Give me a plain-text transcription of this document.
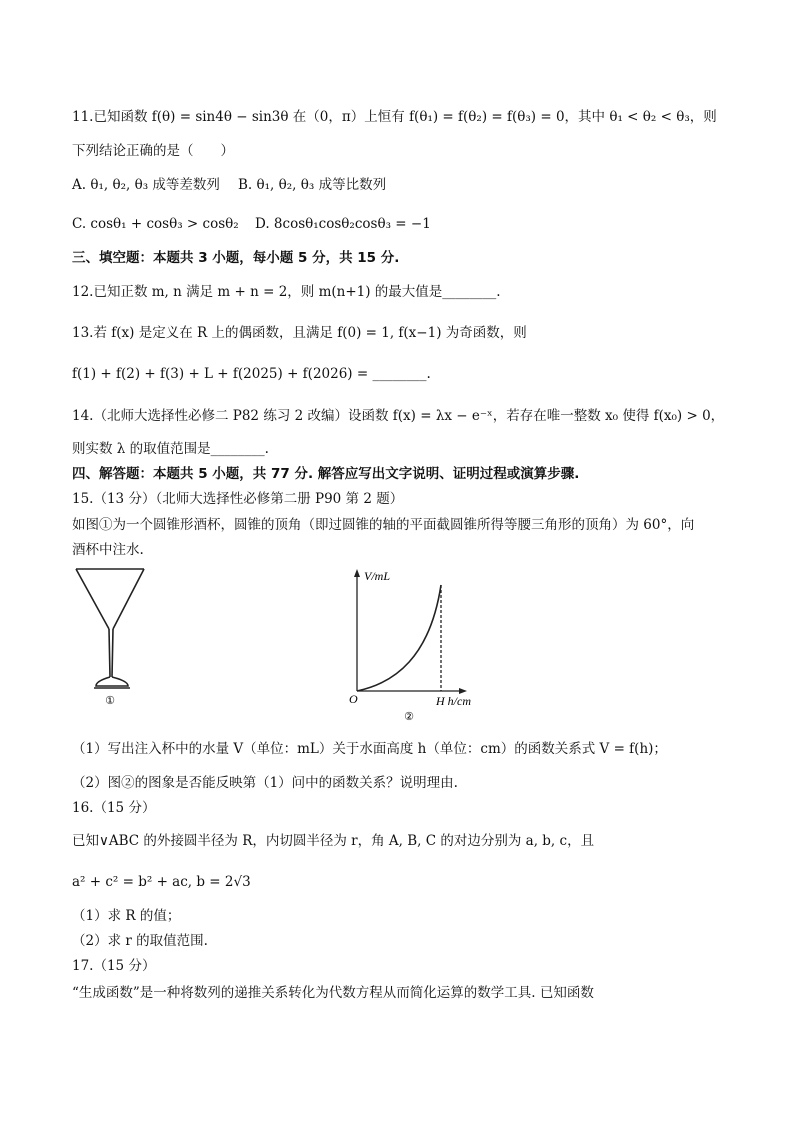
11.已知函数 f(θ) = sin4θ − sin3θ 在（0，π）上恒有 f(θ₁) = f(θ₂) = f(θ₃) = 0，其中 θ₁ < θ₂ < θ₃，则
下列结论正确的是（　　）
A. θ₁, θ₂, θ₃ 成等差数列 B. θ₁, θ₂, θ₃ 成等比数列
C. cosθ₁ + cosθ₃ > cosθ₂ D. 8cosθ₁cosθ₂cosθ₃ = −1
三、填空题：本题共 3 小题，每小题 5 分，共 15 分.
12.已知正数 m, n 满足 m + n = 2，则 m(n+1) 的最大值是________.
13.若 f(x) 是定义在 R 上的偶函数，且满足 f(0) = 1, f(x−1) 为奇函数，则
f(1) + f(2) + f(3) + L + f(2025) + f(2026) = ________.
14.（北师大选择性必修二 P82 练习 2 改编）设函数 f(x) = λx − e⁻ˣ，若存在唯一整数 x₀ 使得 f(x₀) > 0，
则实数 λ 的取值范围是________.
四、解答题：本题共 5 小题，共 77 分. 解答应写出文字说明、证明过程或演算步骤.
15.（13 分）（北师大选择性必修第二册 P90 第 2 题）
如图①为一个圆锥形酒杯，圆锥的顶角（即过圆锥的轴的平面截圆锥所得等腰三角形的顶角）为 60°，向
酒杯中注水.
①
V/mL
O	H h/cm
②
（1）写出注入杯中的水量 V（单位：mL）关于水面高度 h（单位：cm）的函数关系式 V = f(h)；
（2）图②的图象是否能反映第（1）问中的函数关系？说明理由.
16.（15 分）
已知∨ABC 的外接圆半径为 R，内切圆半径为 r，角 A, B, C 的对边分别为 a, b, c，且
a² + c² = b² + ac, b = 2√3
（1）求 R 的值；
（2）求 r 的取值范围.
17.（15 分）
“生成函数”是一种将数列的递推关系转化为代数方程从而简化运算的数学工具. 已知函数
